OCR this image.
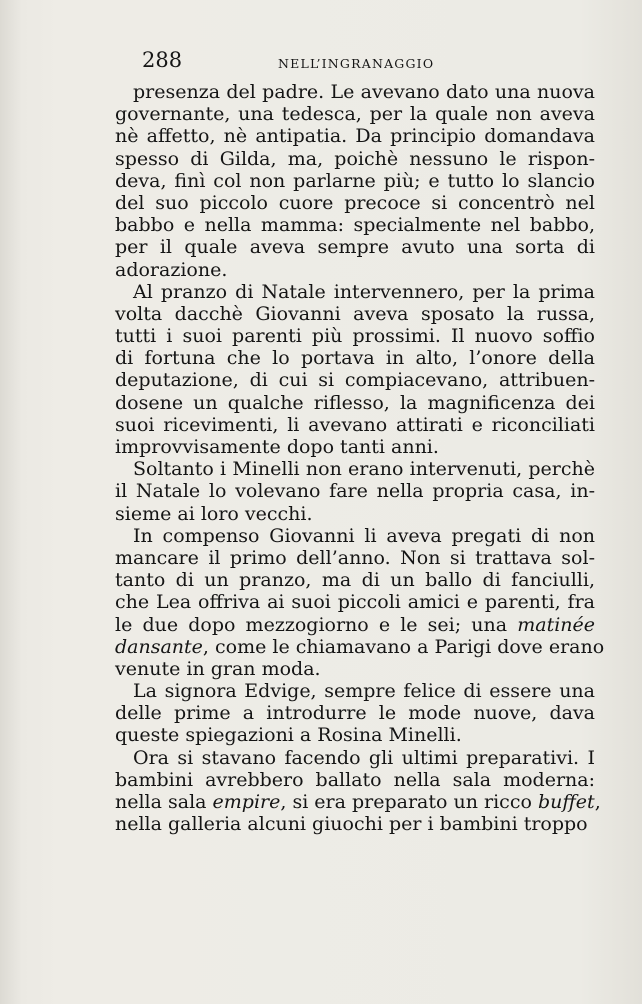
288	NELL’INGRANAGGIO
presenza del padre. Le avevano dato una nuova
governante, una tedesca, per la quale non aveva
nè affetto, nè antipatia. Da principio domandava
spesso di Gilda, ma, poichè nessuno le rispon-
deva, finì col non parlarne più; e tutto lo slancio
del suo piccolo cuore precoce si concentrò nel
babbo e nella mamma: specialmente nel babbo,
per il quale aveva sempre avuto una sorta di
adorazione.
Al pranzo di Natale intervennero, per la prima
volta dacchè Giovanni aveva sposato la russa,
tutti i suoi parenti più prossimi. Il nuovo soffio
di fortuna che lo portava in alto, l’onore della
deputazione, di cui si compiacevano, attribuen-
dosene un qualche riflesso, la magnificenza dei
suoi ricevimenti, li avevano attirati e riconciliati
improvvisamente dopo tanti anni.
Soltanto i Minelli non erano intervenuti, perchè
il Natale lo volevano fare nella propria casa, in-
sieme ai loro vecchi.
In compenso Giovanni li aveva pregati di non
mancare il primo dell’anno. Non si trattava sol-
tanto di un pranzo, ma di un ballo di fanciulli,
che Lea offriva ai suoi piccoli amici e parenti, fra
le due dopo mezzogiorno e le sei; una matinée
dansante, come le chiamavano a Parigi dove erano
venute in gran moda.
La signora Edvige, sempre felice di essere una
delle prime a introdurre le mode nuove, dava
queste spiegazioni a Rosina Minelli.
Ora si stavano facendo gli ultimi preparativi. I
bambini avrebbero ballato nella sala moderna:
nella sala empire, si era preparato un ricco buffet,
nella galleria alcuni giuochi per i bambini troppo
